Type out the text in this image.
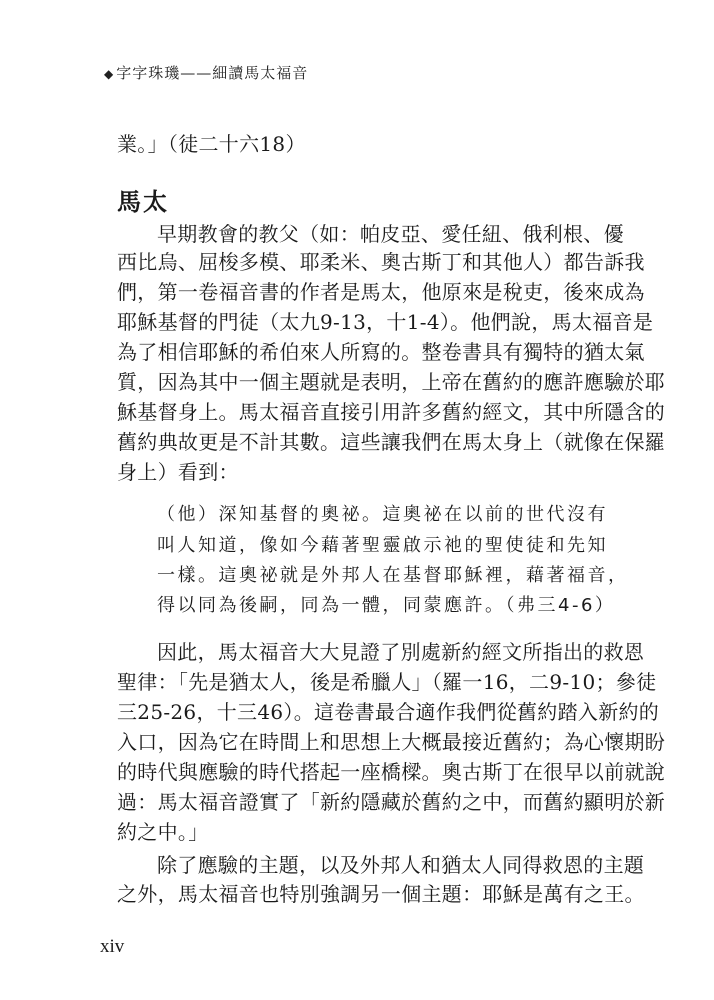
◆ 字字珠璣——細讀馬太福音
業。」（徒二十六18）
馬太
早期教會的教父（如：帕皮亞、愛任紐、俄利根、優
西比烏、屈梭多模、耶柔米、奧古斯丁和其他人）都告訴我
們，第一卷福音書的作者是馬太，他原來是稅吏，後來成為
耶穌基督的門徒（太九9-13，十1-4）。他們說，馬太福音是
為了相信耶穌的希伯來人所寫的。整卷書具有獨特的猶太氣
質，因為其中一個主題就是表明，上帝在舊約的應許應驗於耶
穌基督身上。馬太福音直接引用許多舊約經文，其中所隱含的
舊約典故更是不計其數。這些讓我們在馬太身上（就像在保羅
身上）看到：
（他）深知基督的奧祕。這奧祕在以前的世代沒有
叫人知道，像如今藉著聖靈啟示祂的聖使徒和先知
一樣。這奧祕就是外邦人在基督耶穌裡，藉著福音，
得以同為後嗣，同為一體，同蒙應許。（弗三4-6）
因此，馬太福音大大見證了別處新約經文所指出的救恩
聖律：「先是猶太人，後是希臘人」（羅一16，二9-10；參徒
三25-26，十三46）。這卷書最合適作我們從舊約踏入新約的
入口，因為它在時間上和思想上大概最接近舊約；為心懷期盼
的時代與應驗的時代搭起一座橋樑。奧古斯丁在很早以前就說
過：馬太福音證實了「新約隱藏於舊約之中，而舊約顯明於新
約之中。」
除了應驗的主題，以及外邦人和猶太人同得救恩的主題
之外，馬太福音也特別強調另一個主題：耶穌是萬有之王。
xiv
